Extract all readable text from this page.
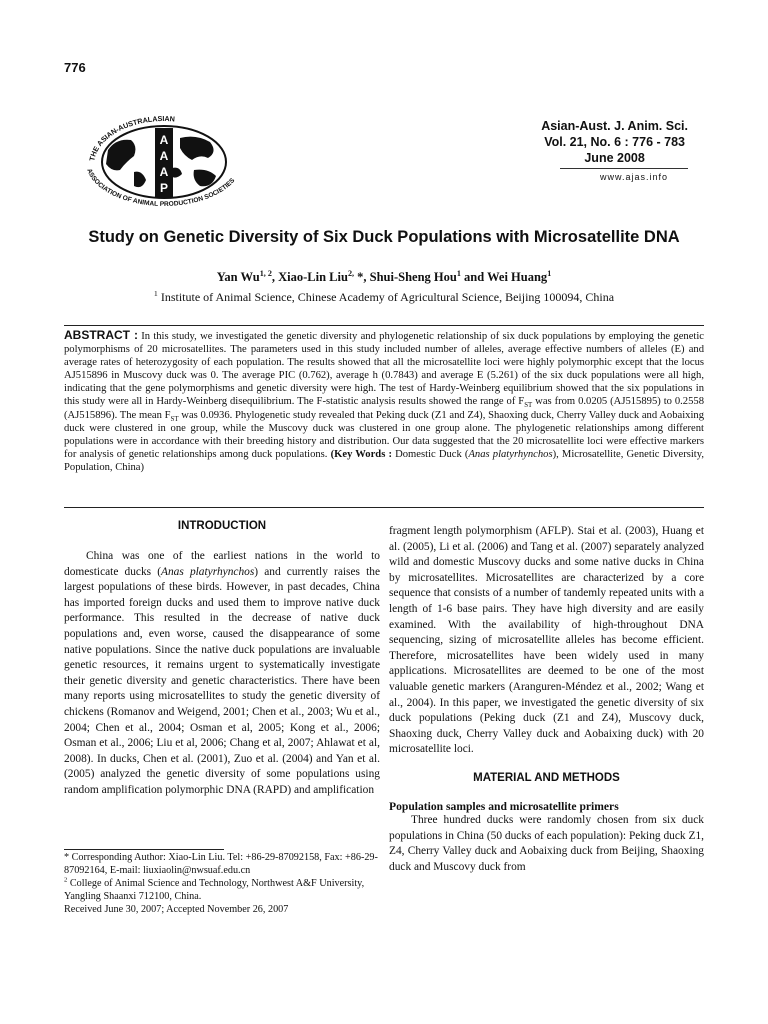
776
A
A
A
P
THE ASIAN-AUSTRALASIAN
ASSOCIATION OF ANIMAL PRODUCTION SOCIETIES
Asian-Aust. J. Anim. Sci.
Vol. 21, No. 6 : 776 - 783
June 2008
www.ajas.info
Study on Genetic Diversity of Six Duck Populations with Microsatellite DNA
Yan Wu$^{1, 2}$, Xiao-Lin Liu$^{2,}$ *, Shui-Sheng Hou$^1$ and Wei Huang$^1$
$^1$ Institute of Animal Science, Chinese Academy of Agricultural Science, Beijing 100094, China
ABSTRACT : In this study, we investigated the genetic diversity and phylogenetic relationship of six duck populations by employing the genetic polymorphisms of 20 microsatellites. The parameters used in this study included number of alleles, average effective numbers of alleles (E) and average rates of heterozygosity of each population. The results showed that all the microsatellite loci were highly polymorphic except that the locus AJ515896 in Muscovy duck was 0. The average PIC (0.762), average h (0.7843) and average E (5.261) of the six duck populations were all high, indicating that the gene polymorphisms and genetic diversity were high. The test of Hardy-Weinberg equilibrium showed that the six populations in this study were all in Hardy-Weinberg disequilibrium. The F-statistic analysis results showed the range of $F_{ST}$ was from 0.0205 (AJ515895) to 0.2558 (AJ515896). The mean $F_{ST}$ was 0.0936. Phylogenetic study revealed that Peking duck (Z1 and Z4), Shaoxing duck, Cherry Valley duck and Aobaixing duck were clustered in one group, while the Muscovy duck was clustered in one group alone. The phylogenetic relationships among different populations were in accordance with their breeding history and distribution. Our data suggested that the 20 microsatellite loci were effective markers for analysis of genetic relationships among duck populations. (Key Words : Domestic Duck (Anas platyrhynchos), Microsatellite, Genetic Diversity, Population, China)
INTRODUCTION

China was one of the earliest nations in the world to domesticate ducks (Anas platyrhynchos) and currently raises the largest populations of these birds. However, in past decades, China has imported foreign ducks and used them to improve native duck performance. This resulted in the decrease of native duck populations and, even worse, caused the disappearance of some native populations. Since the native duck populations are invaluable genetic resources, it remains urgent to systematically investigate their genetic diversity and genetic characteristics. There have been many reports using microsatellites to study the genetic diversity of chickens (Romanov and Weigend, 2001; Chen et al., 2003; Wu et al., 2004; Chen et al., 2004; Osman et al, 2005; Kong et al., 2006; Osman et al., 2006; Liu et al, 2006; Chang et al, 2007; Ahlawat et al, 2008). In ducks, Chen et al. (2001), Zuo et al. (2004) and Yan et al. (2005) analyzed the genetic diversity of some populations using random amplification polymorphic DNA (RAPD) and amplification

fragment length polymorphism (AFLP). Stai et al. (2003), Huang et al. (2005), Li et al. (2006) and Tang et al. (2007) separately analyzed wild and domestic Muscovy ducks and some native ducks in China by microsatellites. Microsatellites are characterized by a core sequence that consists of a number of tandemly repeated units with a length of 1-6 base pairs. They have high diversity and are easily examined. With the availability of high-throughout DNA sequencing, sizing of microsatellite alleles has become efficient. Therefore, microsatellites have been widely used in many applications. Microsatellites are deemed to be one of the most valuable genetic markers (Aranguren-Méndez et al., 2002; Wang et al., 2004). In this paper, we investigated the genetic diversity of six duck populations (Peking duck (Z1 and Z4), Muscovy duck, Shaoxing duck, Cherry Valley duck and Aobaixing duck) with 20 microsatellite loci.

MATERIAL AND METHODS

Population samples and microsatellite primers

Three hundred ducks were randomly chosen from six duck populations in China (50 ducks of each population): Peking duck Z1, Z4, Cherry Valley duck and Aobaixing duck from Beijing, Shaoxing duck and Muscovy duck from

* Corresponding Author: Xiao-Lin Liu. Tel: +86-29-87092158, Fax: +86-29-87092164, E-mail: liuxiaolin@nwsuaf.edu.cn
$^2$ College of Animal Science and Technology, Northwest A&F University, Yangling Shaanxi 712100, China.
Received June 30, 2007; Accepted November 26, 2007
